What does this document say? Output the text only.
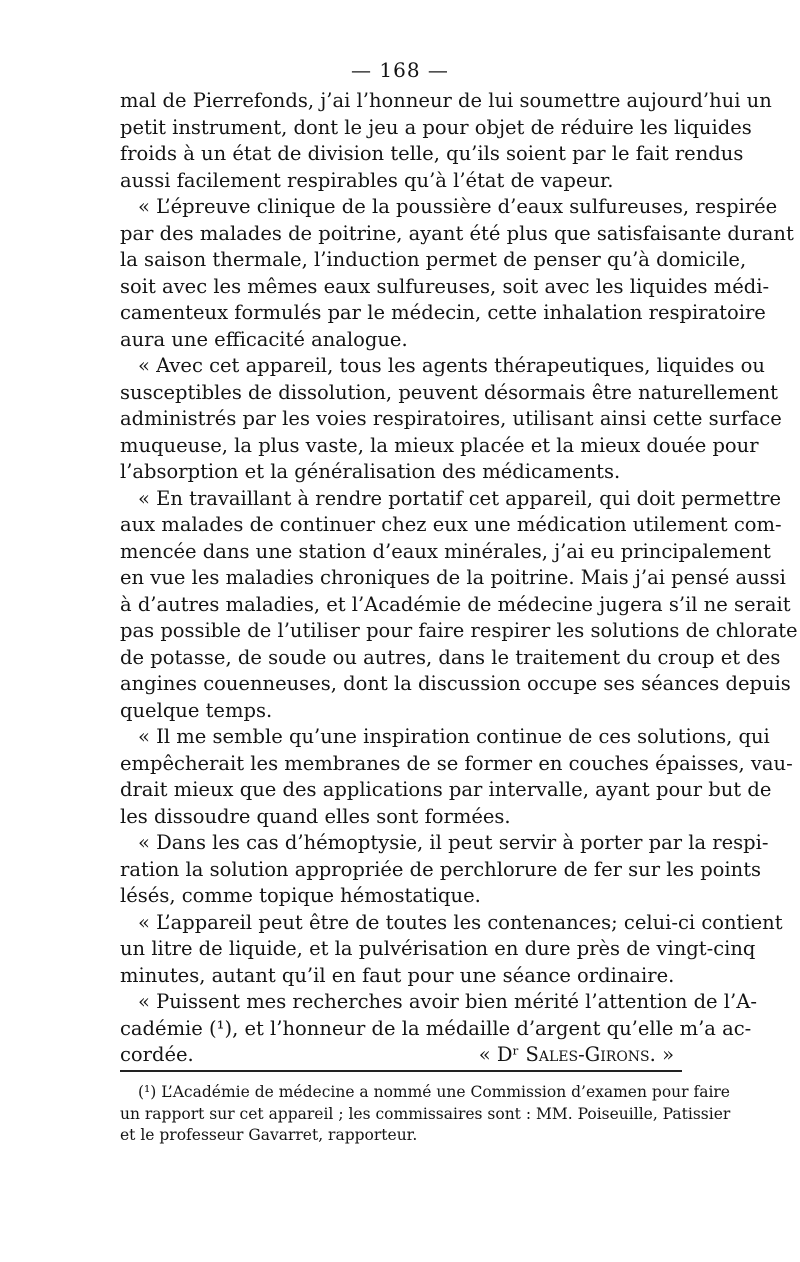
— 168 —
mal de Pierrefonds, j’ai l’honneur de lui soumettre aujourd’hui un
petit instrument, dont le jeu a pour objet de réduire les liquides
froids à un état de division telle, qu’ils soient par le fait rendus
aussi facilement respirables qu’à l’état de vapeur.
« L’épreuve clinique de la poussière d’eaux sulfureuses, respirée
par des malades de poitrine, ayant été plus que satisfaisante durant
la saison thermale, l’induction permet de penser qu’à domicile,
soit avec les mêmes eaux sulfureuses, soit avec les liquides médi-
camenteux formulés par le médecin, cette inhalation respiratoire
aura une efficacité analogue.
« Avec cet appareil, tous les agents thérapeutiques, liquides ou
susceptibles de dissolution, peuvent désormais être naturellement
administrés par les voies respiratoires, utilisant ainsi cette surface
muqueuse, la plus vaste, la mieux placée et la mieux douée pour
l’absorption et la généralisation des médicaments.
« En travaillant à rendre portatif cet appareil, qui doit permettre
aux malades de continuer chez eux une médication utilement com-
mencée dans une station d’eaux minérales, j’ai eu principalement
en vue les maladies chroniques de la poitrine. Mais j’ai pensé aussi
à d’autres maladies, et l’Académie de médecine jugera s’il ne serait
pas possible de l’utiliser pour faire respirer les solutions de chlorate
de potasse, de soude ou autres, dans le traitement du croup et des
angines couenneuses, dont la discussion occupe ses séances depuis
quelque temps.
« Il me semble qu’une inspiration continue de ces solutions, qui
empêcherait les membranes de se former en couches épaisses, vau-
drait mieux que des applications par intervalle, ayant pour but de
les dissoudre quand elles sont formées.
« Dans les cas d’hémoptysie, il peut servir à porter par la respi-
ration la solution appropriée de perchlorure de fer sur les points
lésés, comme topique hémostatique.
« L’appareil peut être de toutes les contenances; celui-ci contient
un litre de liquide, et la pulvérisation en dure près de vingt-cinq
minutes, autant qu’il en faut pour une séance ordinaire.
« Puissent mes recherches avoir bien mérité l’attention de l’A-
cadémie (¹), et l’honneur de la médaille d’argent qu’elle m’a ac-
cordée.	« Dʳ Sales-Girons. »
(¹) L’Académie de médecine a nommé une Commission d’examen pour faire
un rapport sur cet appareil ; les commissaires sont : MM. Poiseuille, Patissier
et le professeur Gavarret, rapporteur.
